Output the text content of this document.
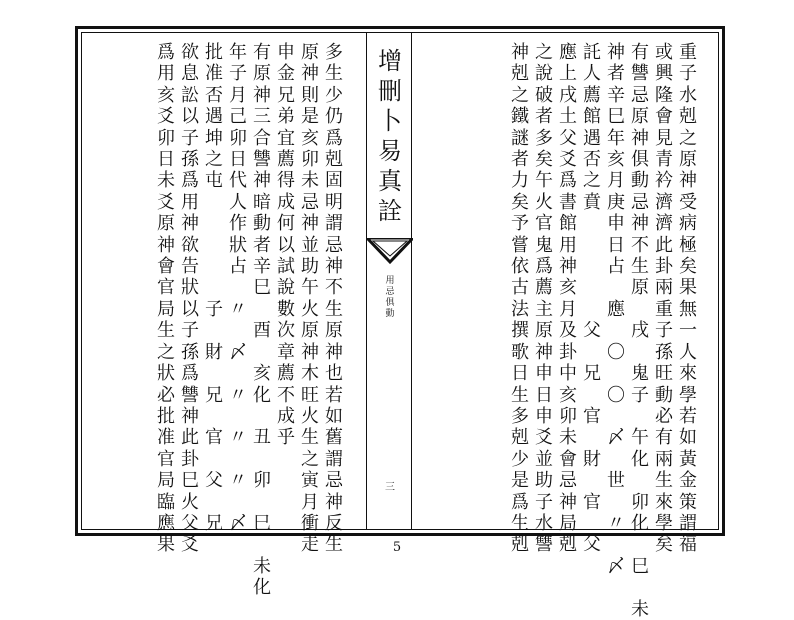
增
刪
卜
易
真
詮
用
忌
俱
動
三
重
子
水
剋
之
原
神
受
病
極
矣
果
無
一
人
來
學
若
如
黃
金
策
謂
福
或
興
隆
會
見
青
衿
濟
濟
此
卦
兩
重
子
孫
旺
動
必
有
兩
生
來
學
矣
有
讐
忌
原
神
俱
動
忌
神
不
生
原

戌

鬼
子

午
化

卯
化

巳

未
神
者
辛
巳
年
亥
月
庚
申
日
占

應

〇

〇

〆

世

〃

〆
託
人
薦
館
遇
否
之
賁

父

兄

官

財

官

父
應
上
戌
土
父
爻
爲
書
館
用
神
亥
月
及
卦
中
亥
卯
未
會
忌
神
局
剋
之
說
破
者
多
矣
午
火
官
鬼
爲
薦
主
原
神
申
日
申
爻
並
助
子
水
讐
神
剋
之
鐵
謎
者
力
矣
予
嘗
依
古
法
撰
歌
日
生
多
剋
少
是
爲
生
剋
多
生
少
仍
爲
剋
固
明
謂
忌
神
不
生
原
神
也
若
如
舊
謂
忌
神
反
生
原
神
則
是
亥
卯
未
忌
神
並
助
午
火
原
神
木
旺
火
生
之
寅
月
衝
走
申
金
兄
弟
宜
薦
得
成
何
以
試
說
數
次
章
薦
不
成
乎
有
原
神
三
合
讐
神
暗
動
者
辛
巳

酉

亥
化

丑

卯

巳

未
化
年
子
月
己
卯
日
代
人
作
狀
占

〃

〆

〃

〃

〃

〆
批
准
否
遇
坤
之
屯

子

財

兄

官

父

兄
欲
息
訟
以
子
孫
爲
用
神
欲
告
狀
以
子
孫
爲
讐
神
此
卦
巳
火
父
爻
爲
用
亥
爻
卯
日
未
爻
原
神
會
官
局
生
之
狀
必
批
准
官
局
臨
應
果	5
